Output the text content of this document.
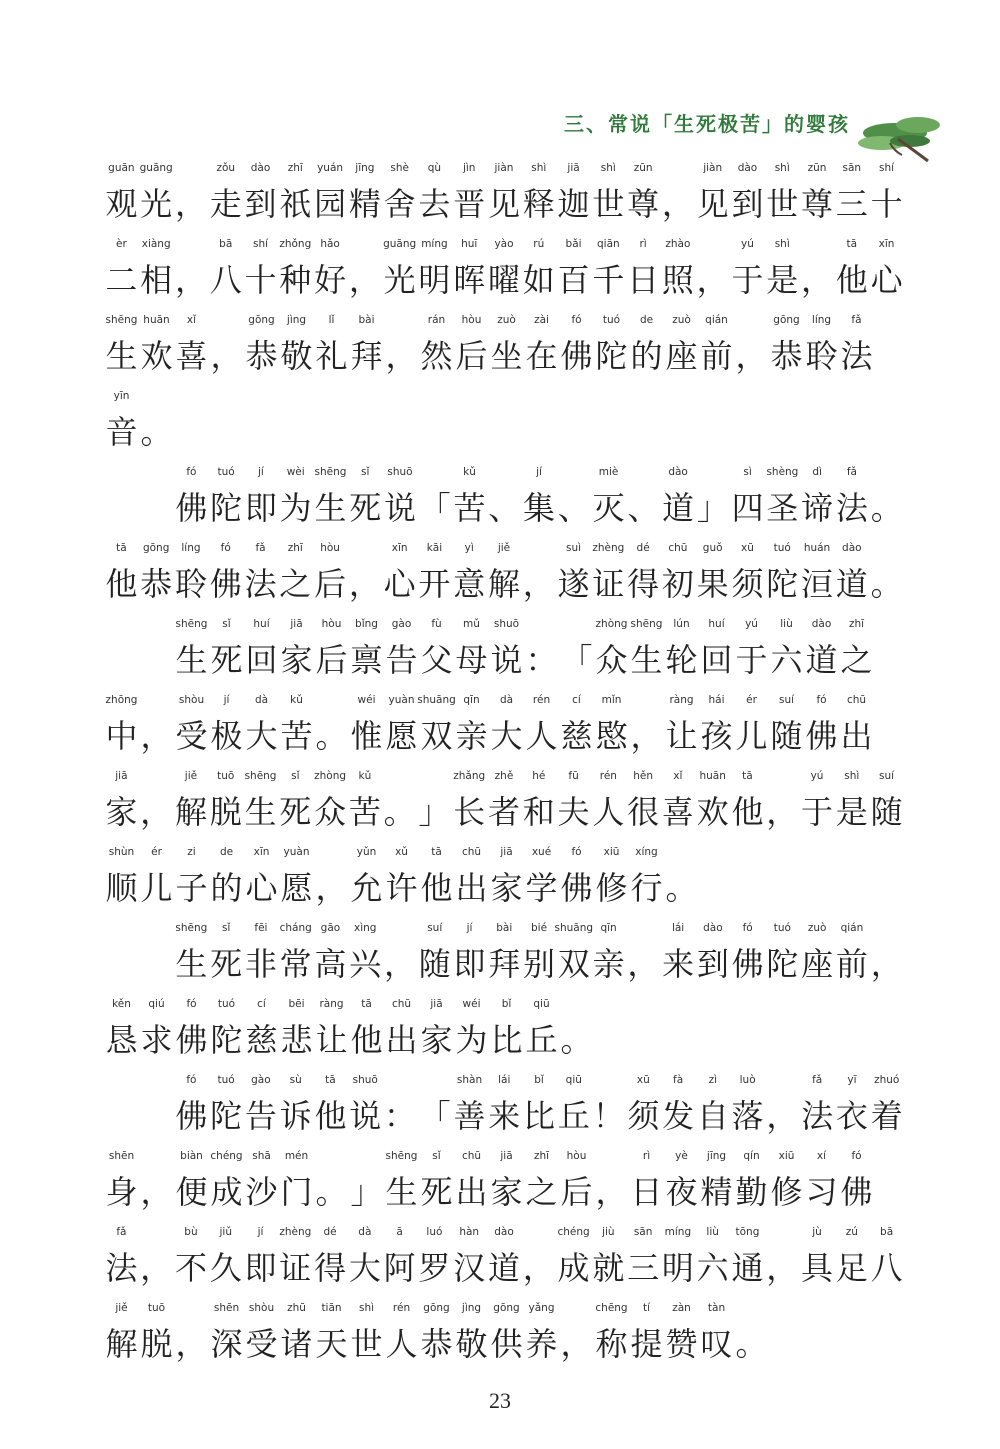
三、常说「生死极苦」的婴孩
观
guān
光
guāng
， 走
zǒu
到
dào
祇
zhī
园
yuán
精
jīng
舍
shè
去
qù
晋
jìn
见
jiàn
释
shì
迦
jiā
世
shì
尊
zūn
， 见
jiàn
到
dào
世
shì
尊
zūn
三
sān
十
shí
二
èr
相
xiàng
， 八
bā
十
shí
种
zhǒng
好
hǎo
， 光
guāng
明
míng
晖
huī
曜
yào
如
rú
百
bǎi
千
qiān
日
rì
照
zhào
， 于
yú
是
shì
， 他
tā
心
xīn
生
shēng
欢
huān
喜
xǐ
， 恭
gōng
敬
jìng
礼
lǐ
拜
bài
， 然
rán
后
hòu
坐
zuò
在
zài
佛
fó
陀
tuó
的
de
座
zuò
前
qián
， 恭
gōng
聆
líng
法
fǎ
音
yīn
。
佛
fó
陀
tuó
即
jí
为
wèi
生
shēng
死
sǐ
说
shuō
「 苦
kǔ
、 集
jí
、 灭
miè
、 道
dào
」 四
sì
圣
shèng
谛
dì
法
fǎ
。
他
tā
恭
gōng
聆
líng
佛
fó
法
fǎ
之
zhī
后
hòu
， 心
xīn
开
kāi
意
yì
解
jiě
， 遂
suì
证
zhèng
得
dé
初
chū
果
guǒ
须
xū
陀
tuó
洹
huán
道
dào
。
生
shēng
死
sǐ
回
huí
家
jiā
后
hòu
禀
bǐng
告
gào
父
fù
母
mǔ
说
shuō
： 「 众
zhòng
生
shēng
轮
lún
回
huí
于
yú
六
liù
道
dào
之
zhī
中
zhōng
， 受
shòu
极
jí
大
dà
苦
kǔ
。 惟
wéi
愿
yuàn
双
shuāng
亲
qīn
大
dà
人
rén
慈
cí
愍
mǐn
， 让
ràng
孩
hái
儿
ér
随
suí
佛
fó
出
chū
家
jiā
， 解
jiě
脱
tuō
生
shēng
死
sǐ
众
zhòng
苦
kǔ
。 」 长
zhǎng
者
zhě
和
hé
夫
fū
人
rén
很
hěn
喜
xǐ
欢
huān
他
tā
， 于
yú
是
shì
随
suí
顺
shùn
儿
ér
子
zi
的
de
心
xīn
愿
yuàn
， 允
yǔn
许
xǔ
他
tā
出
chū
家
jiā
学
xué
佛
fó
修
xiū
行
xíng
。
生
shēng
死
sǐ
非
fēi
常
cháng
高
gāo
兴
xìng
， 随
suí
即
jí
拜
bài
别
bié
双
shuāng
亲
qīn
， 来
lái
到
dào
佛
fó
陀
tuó
座
zuò
前
qián
，
恳
kěn
求
qiú
佛
fó
陀
tuó
慈
cí
悲
bēi
让
ràng
他
tā
出
chū
家
jiā
为
wéi
比
bǐ
丘
qiū
。
佛
fó
陀
tuó
告
gào
诉
sù
他
tā
说
shuō
： 「 善
shàn
来
lái
比
bǐ
丘
qiū
！ 须
xū
发
fà
自
zì
落
luò
， 法
fǎ
衣
yī
着
zhuó
身
shēn
， 便
biàn
成
chéng
沙
shā
门
mén
。 」 生
shēng
死
sǐ
出
chū
家
jiā
之
zhī
后
hòu
， 日
rì
夜
yè
精
jīng
勤
qín
修
xiū
习
xí
佛
fó
法
fǎ
， 不
bù
久
jiǔ
即
jí
证
zhèng
得
dé
大
dà
阿
ā
罗
luó
汉
hàn
道
dào
， 成
chéng
就
jiù
三
sān
明
míng
六
liù
通
tōng
， 具
jù
足
zú
八
bā
解
jiě
脱
tuō
， 深
shēn
受
shòu
诸
zhū
天
tiān
世
shì
人
rén
恭
gōng
敬
jìng
供
gōng
养
yǎng
， 称
chēng
提
tí
赞
zàn
叹
tàn
。
23
